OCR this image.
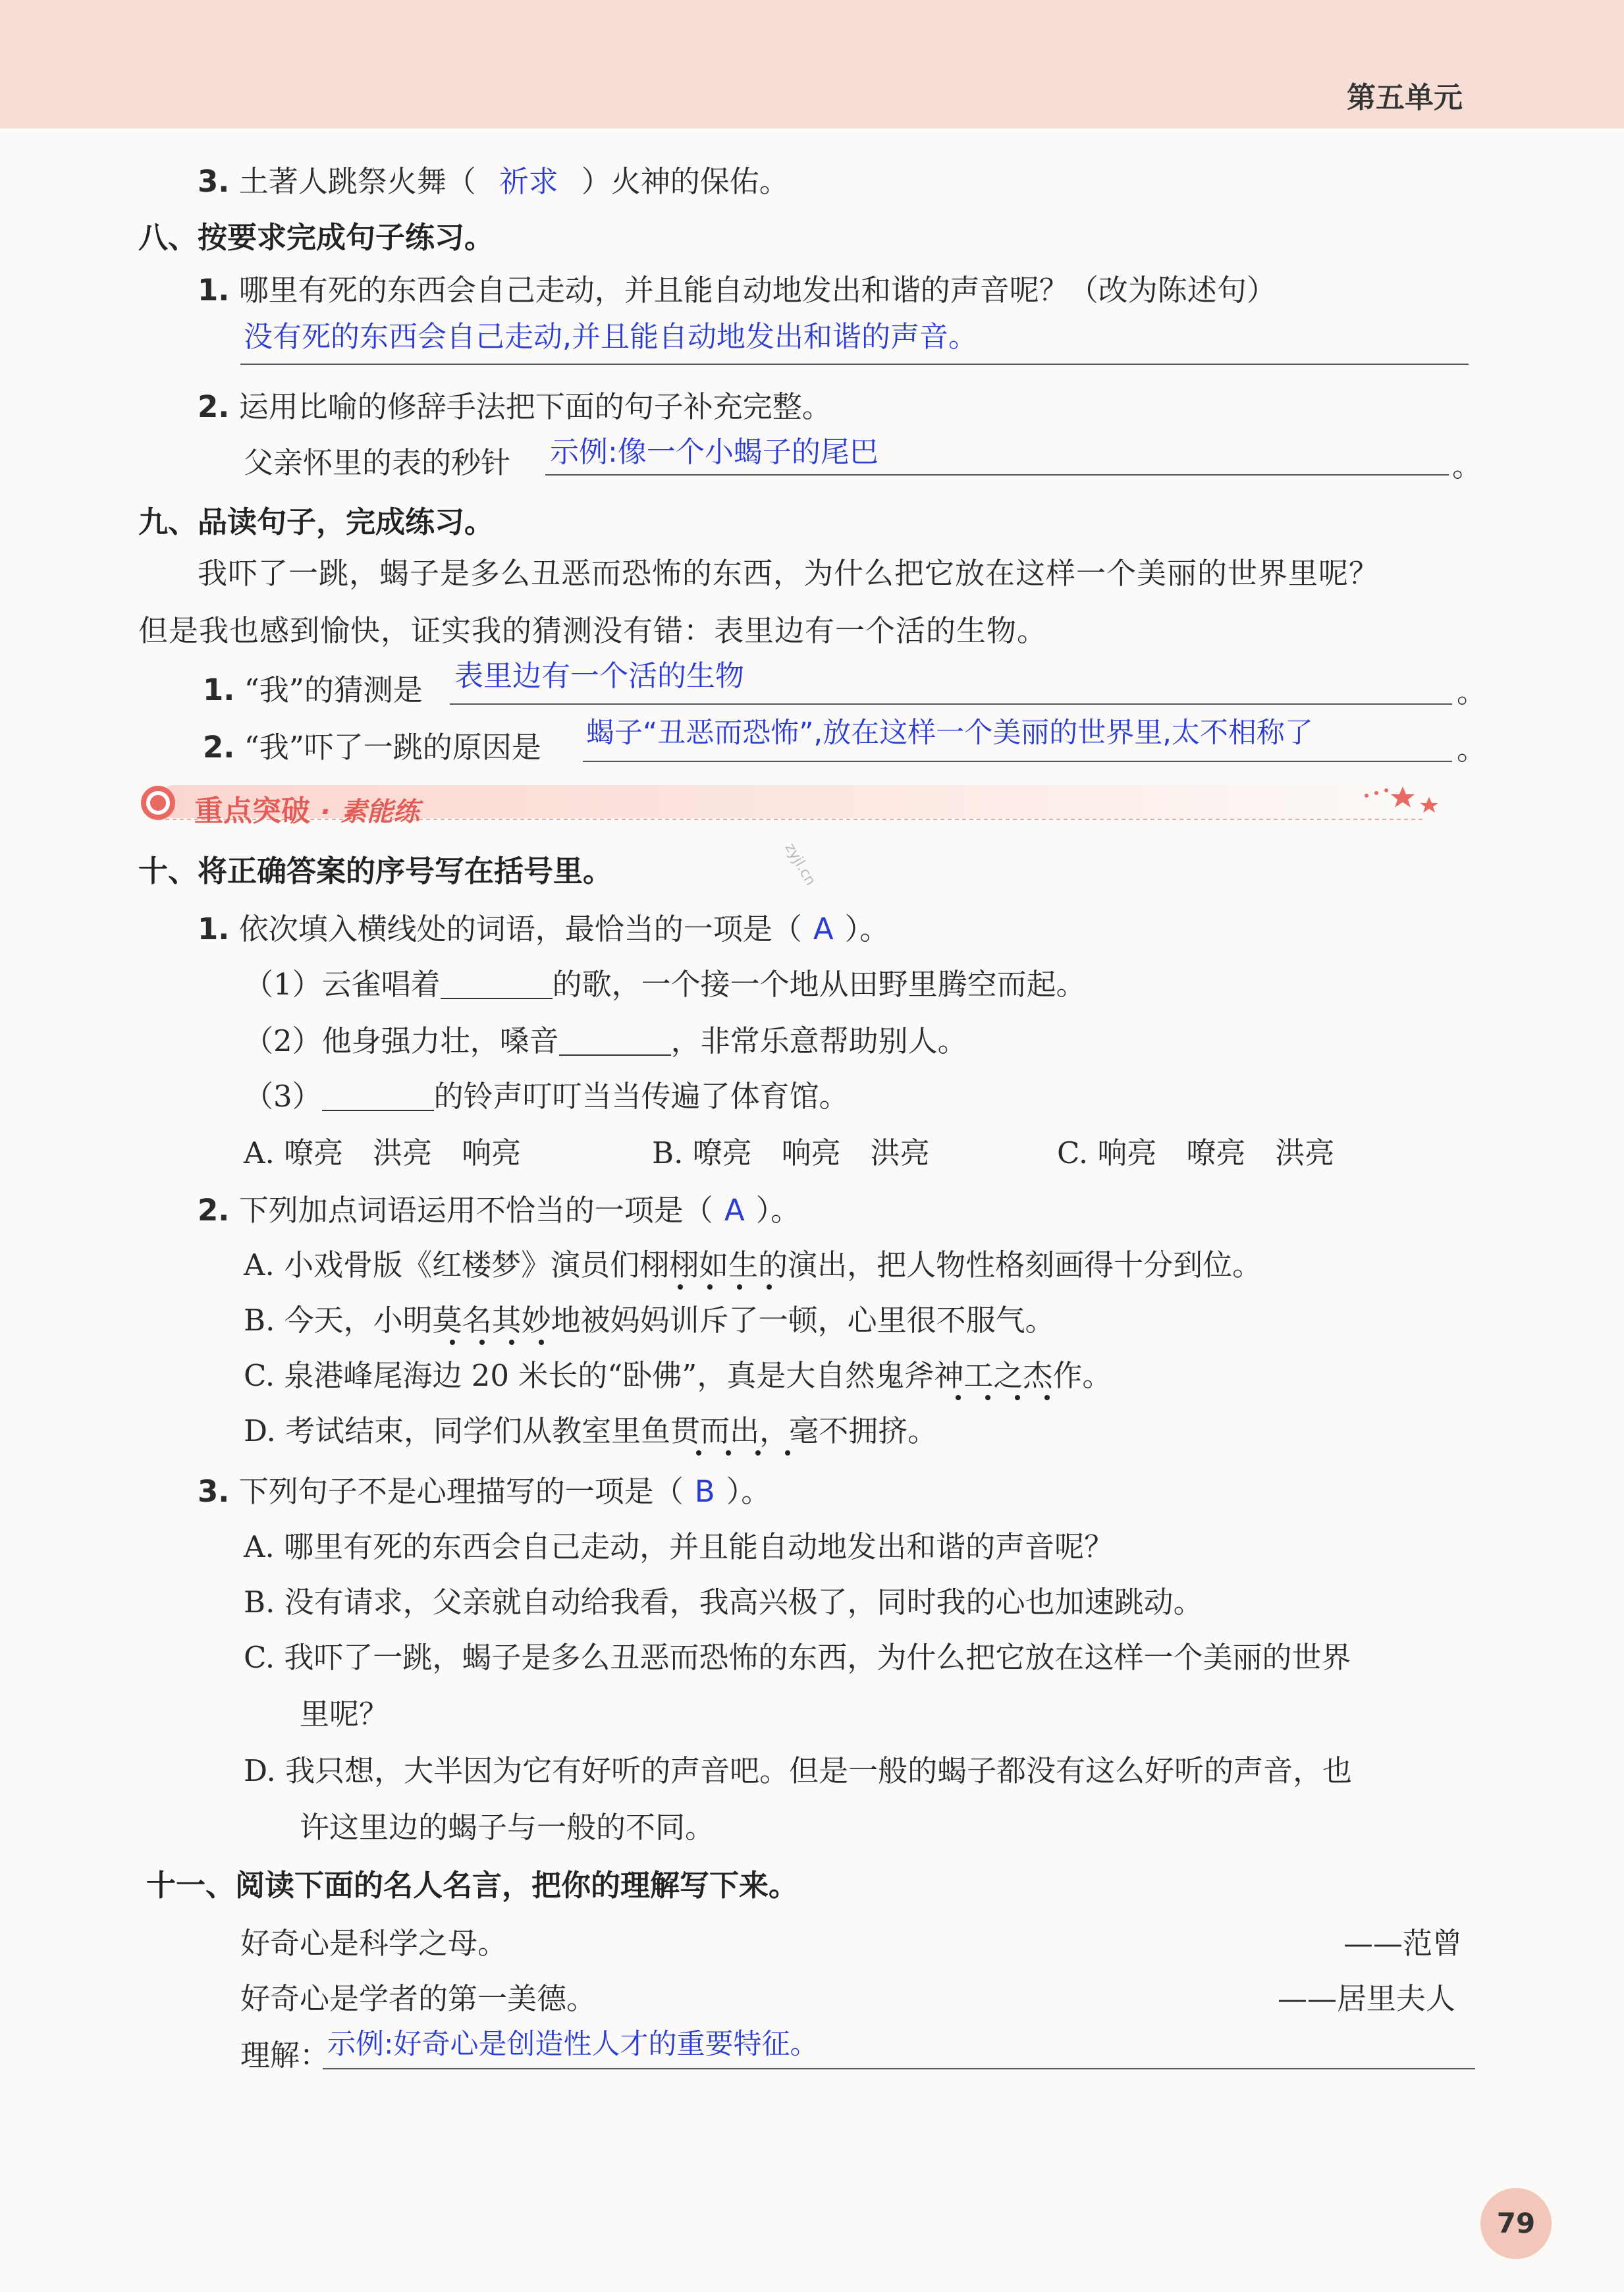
第五单元
3. 土著人跳祭火舞（ 祈求 ）火神的保佑。
八、按要求完成句子练习。
1. 哪里有死的东西会自己走动，并且能自动地发出和谐的声音呢？（改为陈述句）
没有死的东西会自己走动,并且能自动地发出和谐的声音。
2. 运用比喻的修辞手法把下面的句子补充完整。
父亲怀里的表的秒针 示例:像一个小蝎子的尾巴	。
九、品读句子，完成练习。
我吓了一跳，蝎子是多么丑恶而恐怖的东西，为什么把它放在这样一个美丽的世界里呢？
但是我也感到愉快，证实我的猜测没有错：表里边有一个活的生物。
1. “我”的猜测是 表里边有一个活的生物	。
2. “我”吓了一跳的原因是 蝎子“丑恶而恐怖”,放在这样一个美丽的世界里,太不相称了	。
重点突破 · 素能练
zyjl.cn
十、将正确答案的序号写在括号里。
1. 依次填入横线处的词语，最恰当的一项是（ A ）。
（1）云雀唱着	的歌，一个接一个地从田野里腾空而起。
（2）他身强力壮，嗓音	，非常乐意帮助别人。
（3）	的铃声叮叮当当传遍了体育馆。
A. 嘹亮　洪亮　响亮	B. 嘹亮　响亮　洪亮	C. 响亮　嘹亮　洪亮
2. 下列加点词语运用不恰当的一项是（ A ）。
A. 小戏骨版《红楼梦》演员们栩栩如生的演出，把人物性格刻画得十分到位。
B. 今天，小明莫名其妙地被妈妈训斥了一顿，心里很不服气。
C. 泉港峰尾海边 20 米长的“卧佛”，真是大自然鬼斧神工之杰作。
D. 考试结束，同学们从教室里鱼贯而出，毫不拥挤。
3. 下列句子不是心理描写的一项是（ B ）。
A. 哪里有死的东西会自己走动，并且能自动地发出和谐的声音呢？
B. 没有请求，父亲就自动给我看，我高兴极了，同时我的心也加速跳动。
C. 我吓了一跳，蝎子是多么丑恶而恐怖的东西，为什么把它放在这样一个美丽的世界
里呢？
D. 我只想，大半因为它有好听的声音吧。但是一般的蝎子都没有这么好听的声音，也
许这里边的蝎子与一般的不同。
十一、阅读下面的名人名言，把你的理解写下来。
好奇心是科学之母。	——范曾
好奇心是学者的第一美德。	——居里夫人
理解：
示例:好奇心是创造性人才的重要特征。
79
